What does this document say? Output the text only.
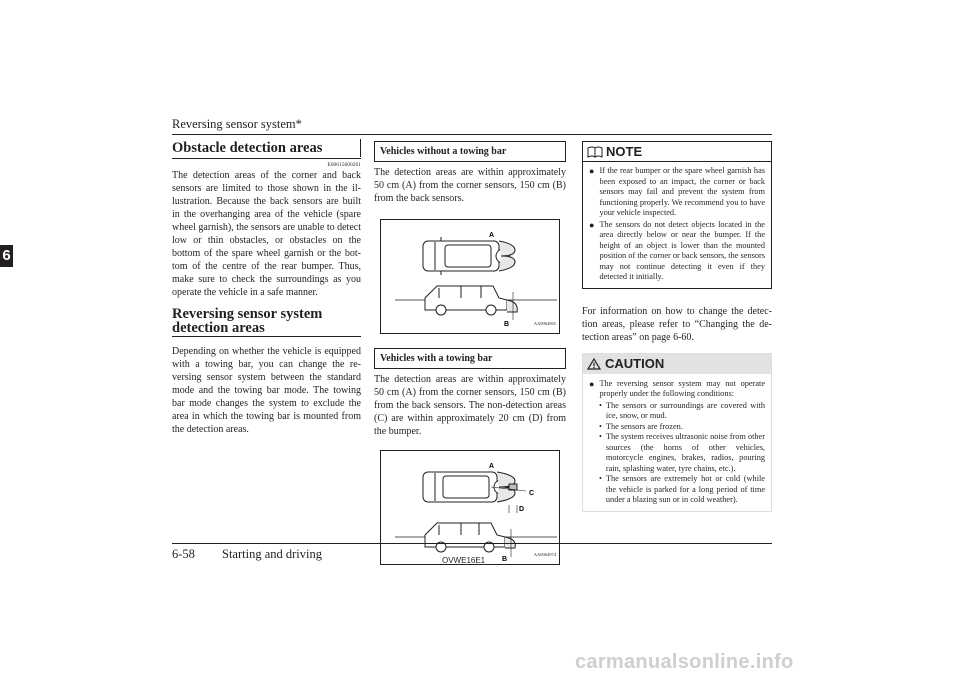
Reversing sensor system*
6
Obstacle detection areas
E00615600261

The detection areas of the corner and back sensors are limited to those shown in the illustration. Because the back sensors are built in the overhanging area of the vehicle (spare wheel garnish), the sensors are unable to detect low or thin obstacles, or obstacles on the bottom of the spare wheel garnish or the bottom of the centre of the rear bumper. Thus, make sure to check the surroundings as you operate the vehicle in a safe manner.

Reversing sensor system detection areas

Depending on whether the vehicle is equipped with a towing bar, you can change the reversing sensor system between the standard mode and the towing bar mode. The towing bar mode changes the system to exclude the area in which the towing bar is mounted from the detection areas.

Vehicles without a towing bar

The detection areas are within approximately 50 cm (A) from the corner sensors, 150 cm (B) from the back sensors.

A
B	AA0064965
Vehicles with a towing bar

The detection areas are within approximately 50 cm (A) from the corner sensors, 150 cm (B) from the back sensors. The non-detection areas (C) are within approximately 20 cm (D) from the bumper.

A
C
D
B
AA0064974
NOTE
● If the rear bumper or the spare wheel garnish has been exposed to an impact, the corner or back sensors may fail and prevent the system from functioning properly. We recommend you to have your vehicle inspected.
● The sensors do not detect objects located in the area directly below or near the bumper. If the height of an object is lower than the mounted position of the corner or back sensors, the sensors may not continue detecting it even if they detected it initially.

For information on how to change the detection areas, please refer to “Changing the detection areas” on page 6-60.

CAUTION
● The reversing sensor system may not operate properly under the following conditions:
• The sensors or surroundings are covered with ice, snow, or mud.
• The sensors are frozen.
• The system receives ultrasonic noise from other sources (the horns of other vehicles, motorcycle engines, brakes, radios, pouring rain, splashing water, tyre chains, etc.).
• The sensors are extremely hot or cold (while the vehicle is parked for a long period of time under a blazing sun or in cold weather).
6-58 Starting and driving	OVWE16E1
carmanualsonline.info
